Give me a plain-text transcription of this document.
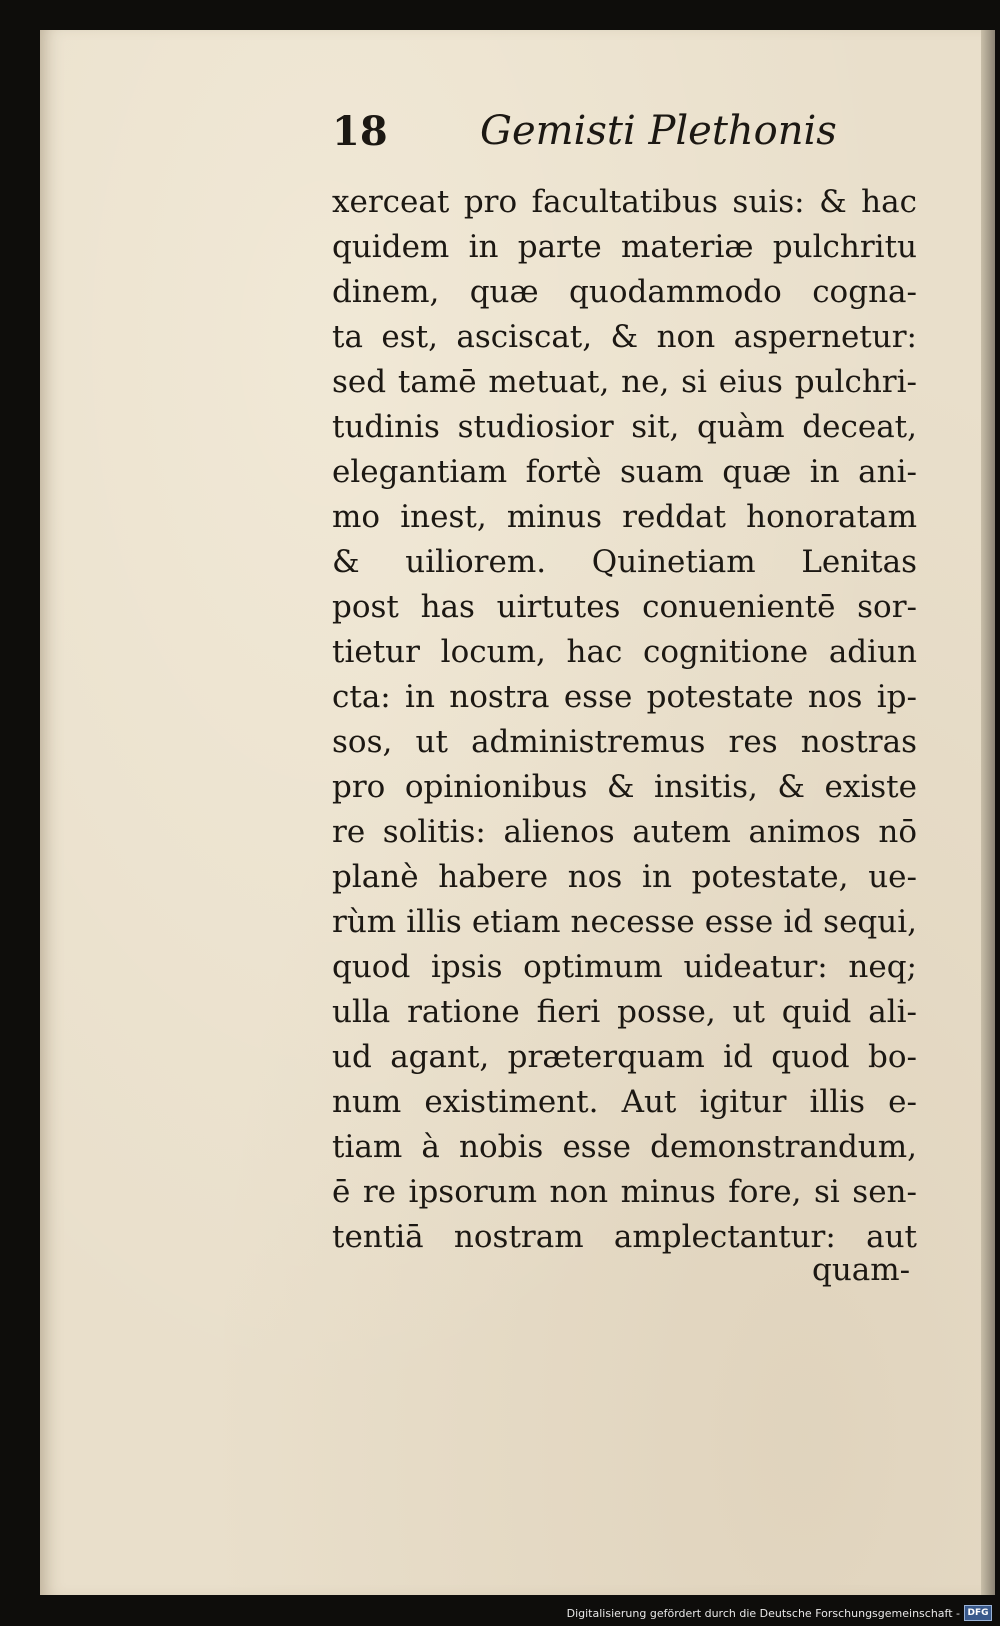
18 Gemisti Plethonis
xerceat pro facultatibus suis: & hac
quidem in parte materiæ pulchritu
dinem, quæ quodammodo cogna-
ta est, asciscat, & non aspernetur:
sed tamē metuat, ne, si eius pulchri-
tudinis studiosior sit, quàm deceat,
elegantiam fortè suam quæ in ani-
mo inest, minus reddat honoratam
& uiliorem. Quinetiam Lenitas
post has uirtutes conuenientē sor-
tietur locum, hac cognitione adiun
cta: in nostra esse potestate nos ip-
sos, ut administremus res nostras
pro opinionibus & insitis, & existe
re solitis: alienos autem animos nō
planè habere nos in potestate, ue-
rùm illis etiam necesse esse id sequi,
quod ipsis optimum uideatur: neq;
ulla ratione fieri posse, ut quid ali-
ud agant, præterquam id quod bo-
num existiment. Aut igitur illis e-
tiam à nobis esse demonstrandum,
ē re ipsorum non minus fore, si sen-
tentiā nostram amplectantur: aut
quam-
Digitalisierung gefördert durch die Deutsche Forschungsgemeinschaft - DFG
